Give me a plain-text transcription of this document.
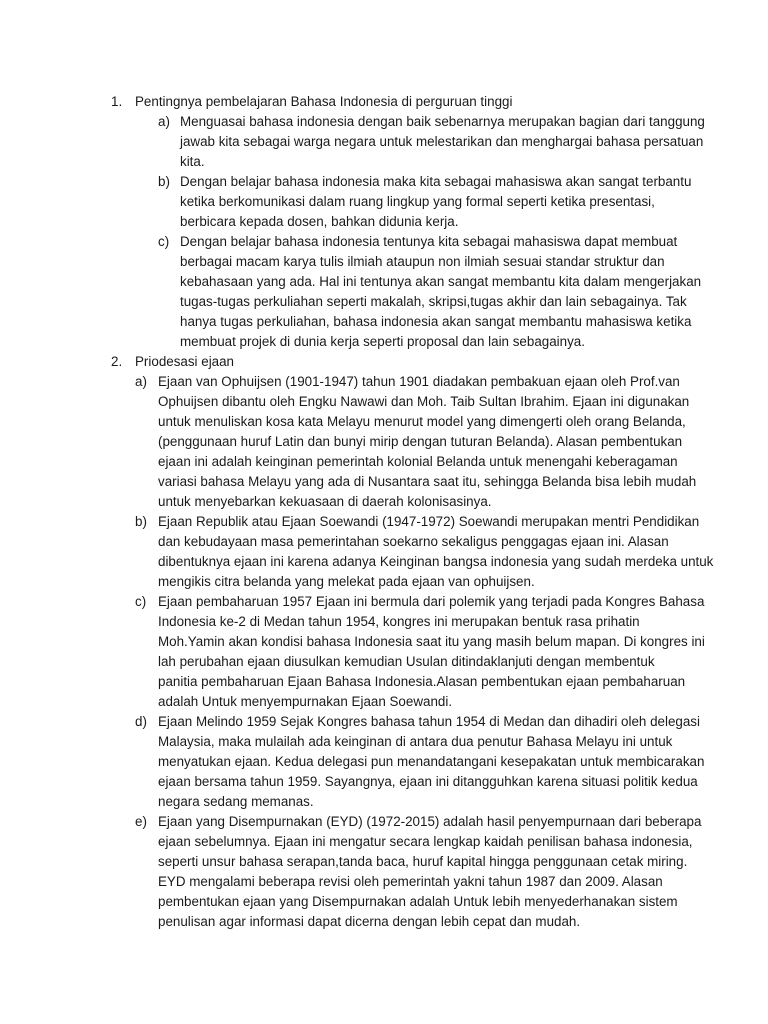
1. Pentingnya pembelajaran Bahasa Indonesia di perguruan tinggi
a) Menguasai bahasa indonesia dengan baik sebenarnya merupakan bagian dari tanggung
jawab kita sebagai warga negara untuk melestarikan dan menghargai bahasa persatuan
kita.
b) Dengan belajar bahasa indonesia maka kita sebagai mahasiswa akan sangat terbantu
ketika berkomunikasi dalam ruang lingkup yang formal seperti ketika presentasi,
berbicara kepada dosen, bahkan didunia kerja.
c) Dengan belajar bahasa indonesia tentunya kita sebagai mahasiswa dapat membuat
berbagai macam karya tulis ilmiah ataupun non ilmiah sesuai standar struktur dan
kebahasaan yang ada. Hal ini tentunya akan sangat membantu kita dalam mengerjakan
tugas-tugas perkuliahan seperti makalah, skripsi,tugas akhir dan lain sebagainya. Tak
hanya tugas perkuliahan, bahasa indonesia akan sangat membantu mahasiswa ketika
membuat projek di dunia kerja seperti proposal dan lain sebagainya.
2. Priodesasi ejaan
a) Ejaan van Ophuijsen (1901-1947) tahun 1901 diadakan pembakuan ejaan oleh Prof.van
Ophuijsen dibantu oleh Engku Nawawi dan Moh. Taib Sultan Ibrahim. Ejaan ini digunakan
untuk menuliskan kosa kata Melayu menurut model yang dimengerti oleh orang Belanda,
(penggunaan huruf Latin dan bunyi mirip dengan tuturan Belanda). Alasan pembentukan
ejaan ini adalah keinginan pemerintah kolonial Belanda untuk menengahi keberagaman
variasi bahasa Melayu yang ada di Nusantara saat itu, sehingga Belanda bisa lebih mudah
untuk menyebarkan kekuasaan di daerah kolonisasinya.
b) Ejaan Republik atau Ejaan Soewandi (1947-1972) Soewandi merupakan mentri Pendidikan
dan kebudayaan masa pemerintahan soekarno sekaligus penggagas ejaan ini. Alasan
dibentuknya ejaan ini karena adanya Keinginan bangsa indonesia yang sudah merdeka untuk
mengikis citra belanda yang melekat pada ejaan van ophuijsen.
c) Ejaan pembaharuan 1957 Ejaan ini bermula dari polemik yang terjadi pada Kongres Bahasa
Indonesia ke-2 di Medan tahun 1954, kongres ini merupakan bentuk rasa prihatin
Moh.Yamin akan kondisi bahasa Indonesia saat itu yang masih belum mapan. Di kongres ini
lah perubahan ejaan diusulkan kemudian Usulan ditindaklanjuti dengan membentuk
panitia pembaharuan Ejaan Bahasa Indonesia.Alasan pembentukan ejaan pembaharuan
adalah Untuk menyempurnakan Ejaan Soewandi.
d) Ejaan Melindo 1959 Sejak Kongres bahasa tahun 1954 di Medan dan dihadiri oleh delegasi
Malaysia, maka mulailah ada keinginan di antara dua penutur Bahasa Melayu ini untuk
menyatukan ejaan. Kedua delegasi pun menandatangani kesepakatan untuk membicarakan
ejaan bersama tahun 1959. Sayangnya, ejaan ini ditangguhkan karena situasi politik kedua
negara sedang memanas.
e) Ejaan yang Disempurnakan (EYD) (1972-2015) adalah hasil penyempurnaan dari beberapa
ejaan sebelumnya. Ejaan ini mengatur secara lengkap kaidah penilisan bahasa indonesia,
seperti unsur bahasa serapan,tanda baca, huruf kapital hingga penggunaan cetak miring.
EYD mengalami beberapa revisi oleh pemerintah yakni tahun 1987 dan 2009. Alasan
pembentukan ejaan yang Disempurnakan adalah Untuk lebih menyederhanakan sistem
penulisan agar informasi dapat dicerna dengan lebih cepat dan mudah.
